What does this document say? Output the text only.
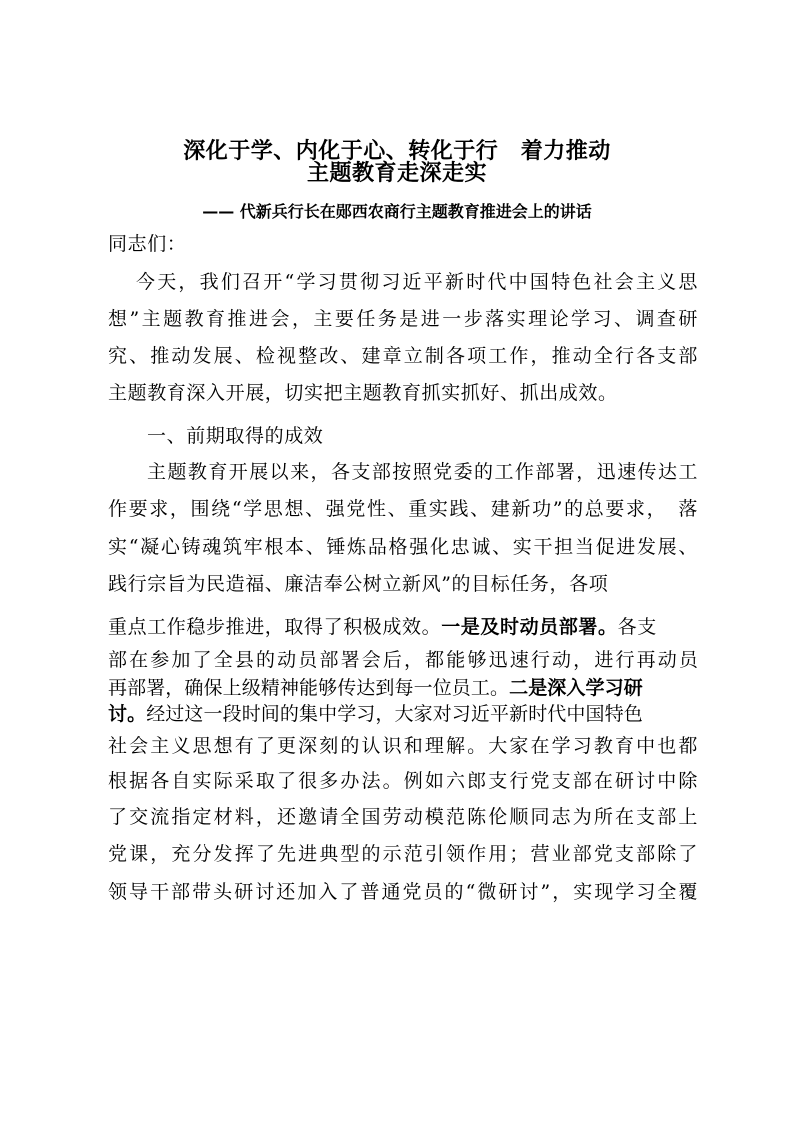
深化于学、内化于心、转化于行　着力推动
主题教育走深走实
—— 代新兵行长在郧西农商行主题教育推进会上的讲话
同志们：
今天，我们召开“学习贯彻习近平新时代中国特色社会主义思
想”主题教育推进会，主要任务是进一步落实理论学习、调查研
究、推动发展、检视整改、建章立制各项工作，推动全行各支部
主题教育深入开展，切实把主题教育抓实抓好、抓出成效。
一、前期取得的成效
主题教育开展以来，各支部按照党委的工作部署，迅速传达工
作要求，围绕“学思想、强党性、重实践、建新功”的总要求，　落
实“凝心铸魂筑牢根本、锤炼品格强化忠诚、实干担当促进发展、
践行宗旨为民造福、廉洁奉公树立新风”的目标任务，各项
重点工作稳步推进，取得了积极成效。一是及时动员部署。各支
部在参加了全县的动员部署会后，都能够迅速行动，进行再动员
再部署，确保上级精神能够传达到每一位员工。二是深入学习研
讨。经过这一段时间的集中学习，大家对习近平新时代中国特色
社会主义思想有了更深刻的认识和理解。大家在学习教育中也都
根据各自实际采取了很多办法。例如六郎支行党支部在研讨中除
了交流指定材料，还邀请全国劳动模范陈伦顺同志为所在支部上
党课，充分发挥了先进典型的示范引领作用；营业部党支部除了
领导干部带头研讨还加入了普通党员的“微研讨”，实现学习全覆
